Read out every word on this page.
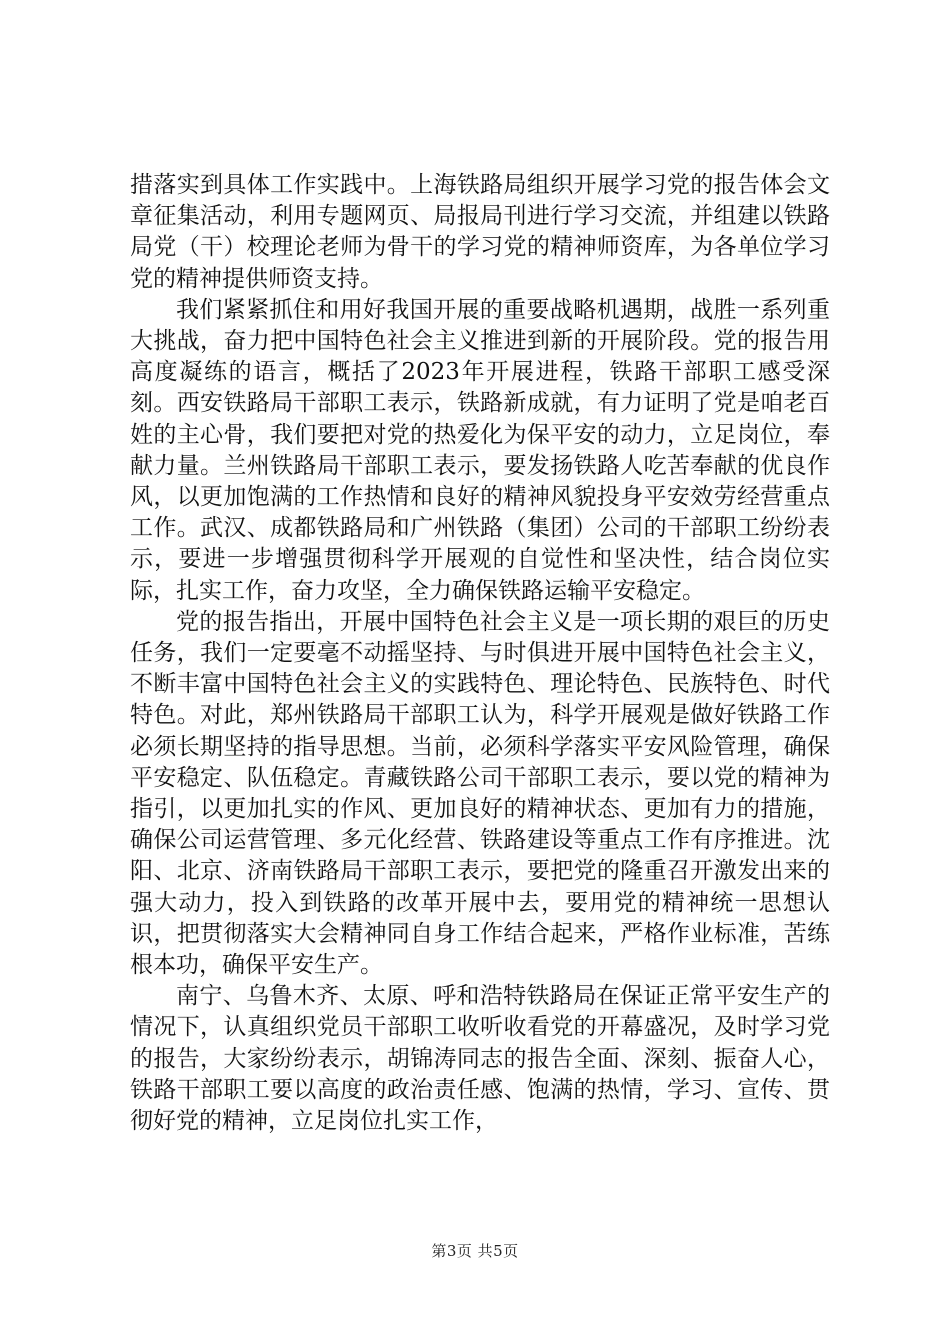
措落实到具体工作实践中。上海铁路局组织开展学习党的报告体会文章征集活动，利用专题网页、局报局刊进行学习交流，并组建以铁路局党（干）校理论老师为骨干的学习党的精神师资库，为各单位学习党的精神提供师资支持。

我们紧紧抓住和用好我国开展的重要战略机遇期，战胜一系列重大挑战，奋力把中国特色社会主义推进到新的开展阶段。党的报告用高度凝练的语言，概括了2023年开展进程，铁路干部职工感受深刻。西安铁路局干部职工表示，铁路新成就，有力证明了党是咱老百姓的主心骨，我们要把对党的热爱化为保平安的动力，立足岗位，奉献力量。兰州铁路局干部职工表示，要发扬铁路人吃苦奉献的优良作风，以更加饱满的工作热情和良好的精神风貌投身平安效劳经营重点工作。武汉、成都铁路局和广州铁路（集团）公司的干部职工纷纷表示，要进一步增强贯彻科学开展观的自觉性和坚决性，结合岗位实际，扎实工作，奋力攻坚，全力确保铁路运输平安稳定。

党的报告指出，开展中国特色社会主义是一项长期的艰巨的历史任务，我们一定要毫不动摇坚持、与时俱进开展中国特色社会主义，不断丰富中国特色社会主义的实践特色、理论特色、民族特色、时代特色。对此，郑州铁路局干部职工认为，科学开展观是做好铁路工作必须长期坚持的指导思想。当前，必须科学落实平安风险管理，确保平安稳定、队伍稳定。青藏铁路公司干部职工表示，要以党的精神为指引，以更加扎实的作风、更加良好的精神状态、更加有力的措施，确保公司运营管理、多元化经营、铁路建设等重点工作有序推进。沈阳、北京、济南铁路局干部职工表示，要把党的隆重召开激发出来的强大动力，投入到铁路的改革开展中去，要用党的精神统一思想认识，把贯彻落实大会精神同自身工作结合起来，严格作业标准，苦练根本功，确保平安生产。

南宁、乌鲁木齐、太原、呼和浩特铁路局在保证正常平安生产的情况下，认真组织党员干部职工收听收看党的开幕盛况，及时学习党的报告，大家纷纷表示，胡锦涛同志的报告全面、深刻、振奋人心，铁路干部职工要以高度的政治责任感、饱满的热情，学习、宣传、贯彻好党的精神，立足岗位扎实工作，

第3页 共5页
